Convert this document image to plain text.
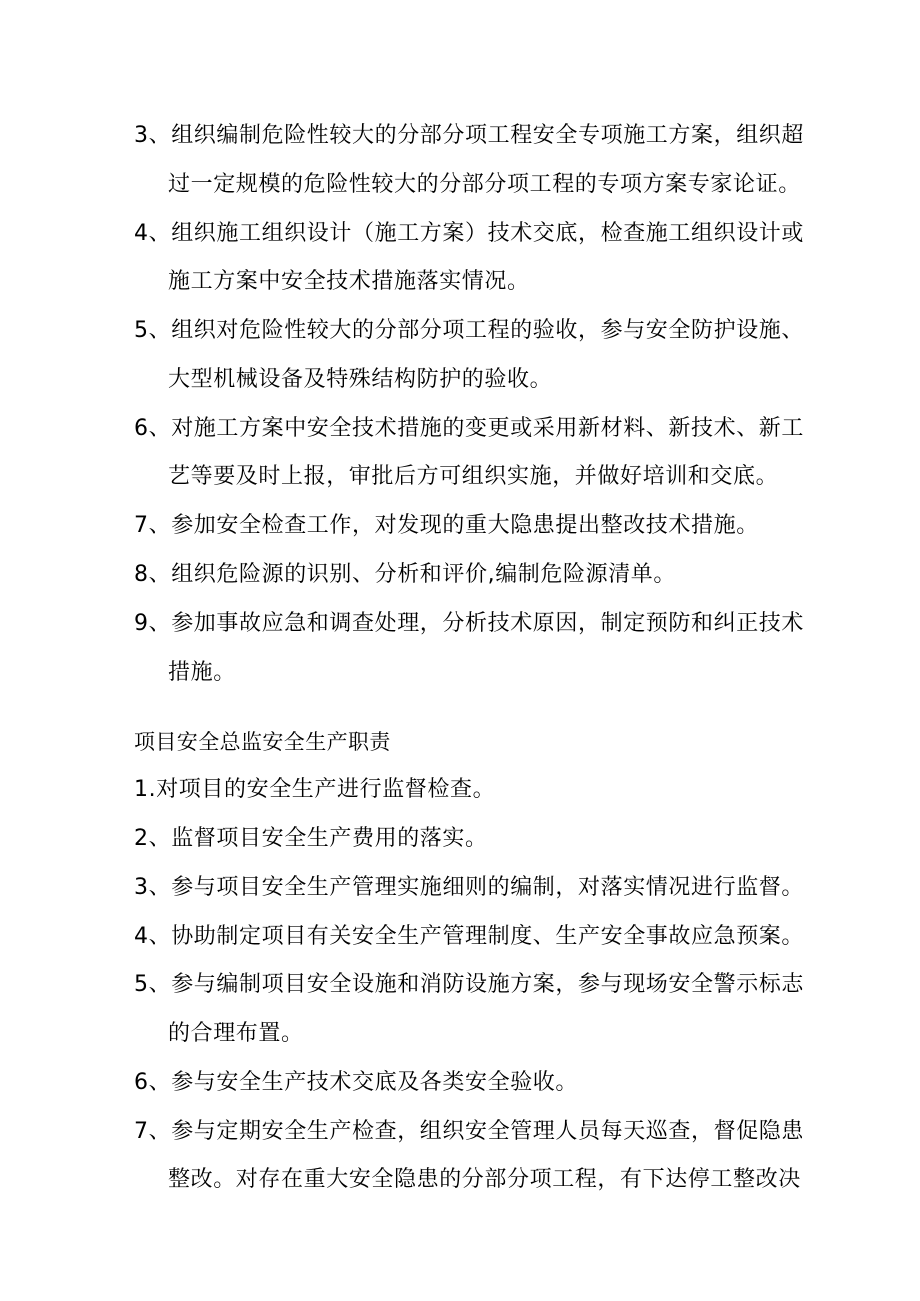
3、组织编制危险性较大的分部分项工程安全专项施工方案，组织超
过一定规模的危险性较大的分部分项工程的专项方案专家论证。
4、组织施工组织设计（施工方案）技术交底，检查施工组织设计或
施工方案中安全技术措施落实情况。
5、组织对危险性较大的分部分项工程的验收，参与安全防护设施、
大型机械设备及特殊结构防护的验收。
6、对施工方案中安全技术措施的变更或采用新材料、新技术、新工
艺等要及时上报，审批后方可组织实施，并做好培训和交底。
7、参加安全检查工作，对发现的重大隐患提出整改技术措施。
8、组织危险源的识别、分析和评价,编制危险源清单。
9、参加事故应急和调查处理，分析技术原因，制定预防和纠正技术
措施。
项目安全总监安全生产职责
1.对项目的安全生产进行监督检查。
2、监督项目安全生产费用的落实。
3、参与项目安全生产管理实施细则的编制，对落实情况进行监督。
4、协助制定项目有关安全生产管理制度、生产安全事故应急预案。
5、参与编制项目安全设施和消防设施方案，参与现场安全警示标志
的合理布置。
6、参与安全生产技术交底及各类安全验收。
7、参与定期安全生产检查，组织安全管理人员每天巡查，督促隐患
整改。对存在重大安全隐患的分部分项工程，有下达停工整改决
